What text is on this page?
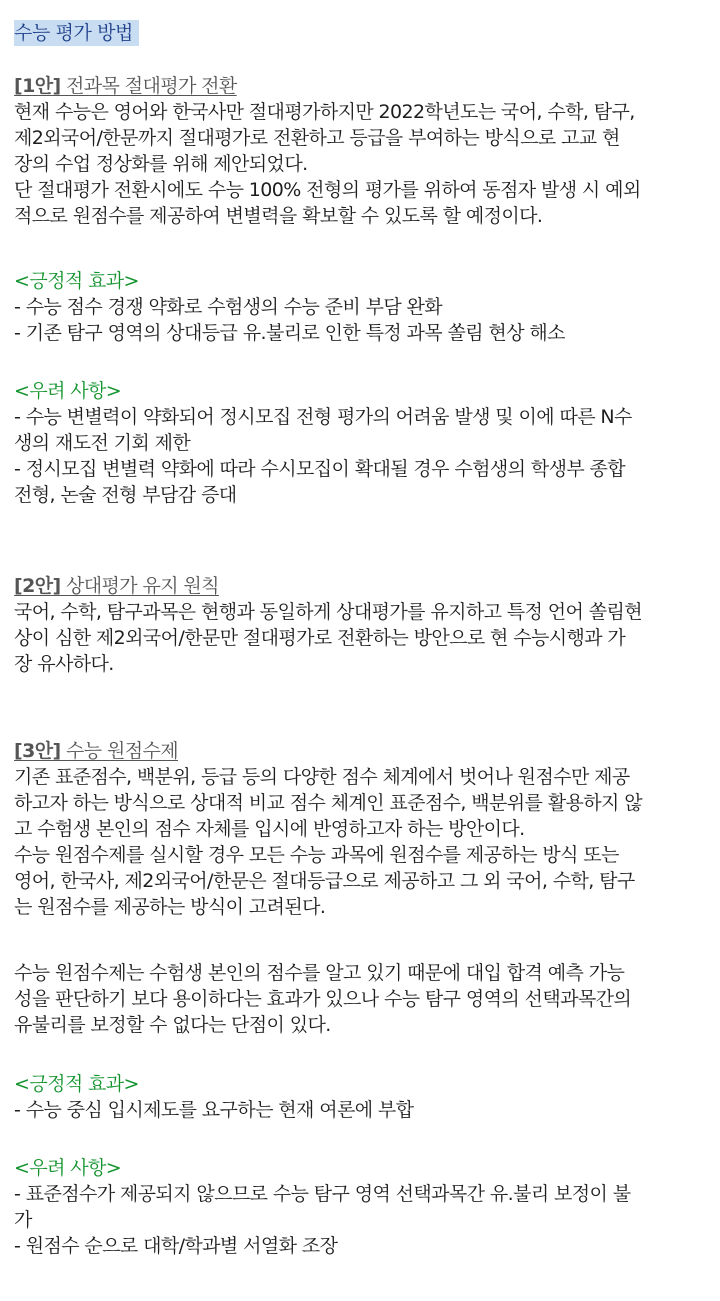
수능 평가 방법
[1안] 전과목 절대평가 전환
현재 수능은 영어와 한국사만 절대평가하지만 2022학년도는 국어, 수학, 탐구,
제2외국어/한문까지 절대평가로 전환하고 등급을 부여하는 방식으로 고교 현
장의 수업 정상화를 위해 제안되었다.
단 절대평가 전환시에도 수능 100% 전형의 평가를 위하여 동점자 발생 시 예외
적으로 원점수를 제공하여 변별력을 확보할 수 있도록 할 예정이다.
<긍정적 효과>
- 수능 점수 경쟁 약화로 수험생의 수능 준비 부담 완화
- 기존 탐구 영역의 상대등급 유.불리로 인한 특정 과목 쏠림 현상 해소
<우려 사항>
- 수능 변별력이 약화되어 정시모집 전형 평가의 어려움 발생 및 이에 따른 N수
생의 재도전 기회 제한
- 정시모집 변별력 약화에 따라 수시모집이 확대될 경우 수험생의 학생부 종합
전형, 논술 전형 부담감 증대
[2안] 상대평가 유지 원칙
국어, 수학, 탐구과목은 현행과 동일하게 상대평가를 유지하고 특정 언어 쏠림현
상이 심한 제2외국어/한문만 절대평가로 전환하는 방안으로 현 수능시행과 가
장 유사하다.
[3안] 수능 원점수제
기존 표준점수, 백분위, 등급 등의 다양한 점수 체계에서 벗어나 원점수만 제공
하고자 하는 방식으로 상대적 비교 점수 체계인 표준점수, 백분위를 활용하지 않
고 수험생 본인의 점수 자체를 입시에 반영하고자 하는 방안이다.
수능 원점수제를 실시할 경우 모든 수능 과목에 원점수를 제공하는 방식 또는
영어, 한국사, 제2외국어/한문은 절대등급으로 제공하고 그 외 국어, 수학, 탐구
는 원점수를 제공하는 방식이 고려된다.
수능 원점수제는 수험생 본인의 점수를 알고 있기 때문에 대입 합격 예측 가능
성을 판단하기 보다 용이하다는 효과가 있으나 수능 탐구 영역의 선택과목간의
유불리를 보정할 수 없다는 단점이 있다.
<긍정적 효과>
- 수능 중심 입시제도를 요구하는 현재 여론에 부합
<우려 사항>
- 표준점수가 제공되지 않으므로 수능 탐구 영역 선택과목간 유.불리 보정이 불
가
- 원점수 순으로 대학/학과별 서열화 조장
